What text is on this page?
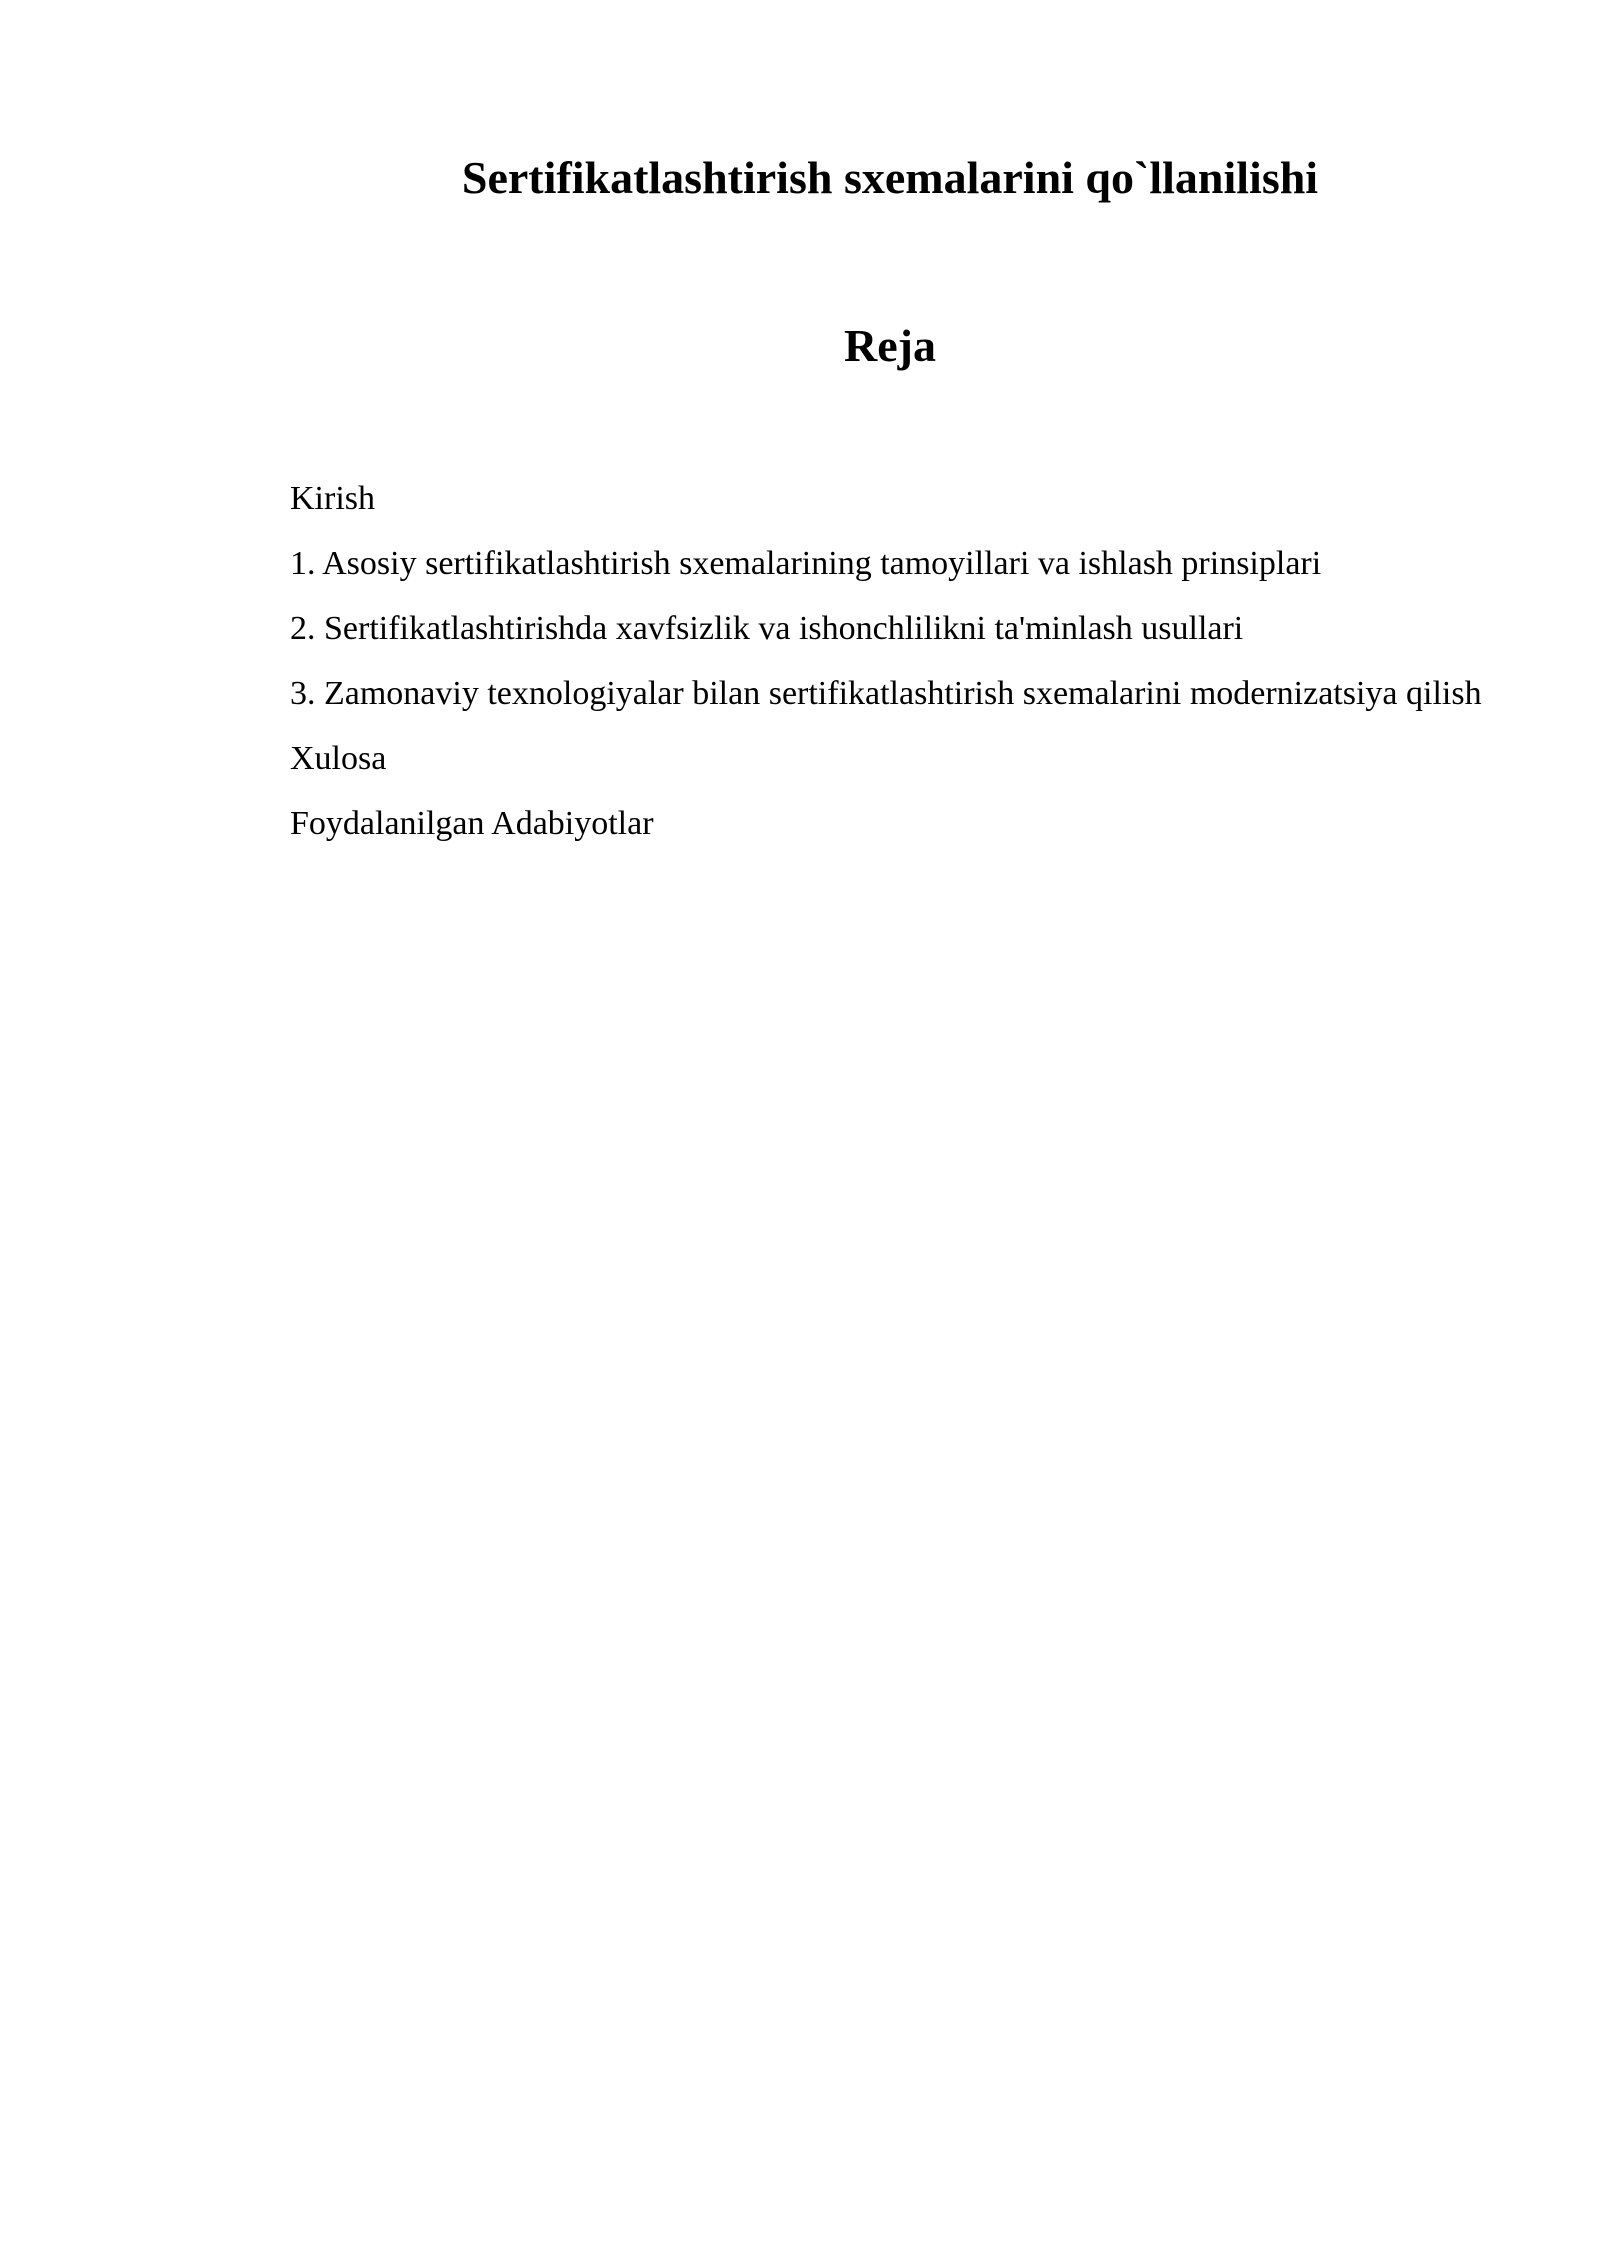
Sertifikatlashtirish sxemalarini qo`llanilishi
Reja
Kirish
1. Asosiy sertifikatlashtirish sxemalarining tamoyillari va ishlash prinsiplari
2. Sertifikatlashtirishda xavfsizlik va ishonchlilikni ta'minlash usullari
3. Zamonaviy texnologiyalar bilan sertifikatlashtirish sxemalarini modernizatsiya qilish
Xulosa
Foydalanilgan Adabiyotlar
